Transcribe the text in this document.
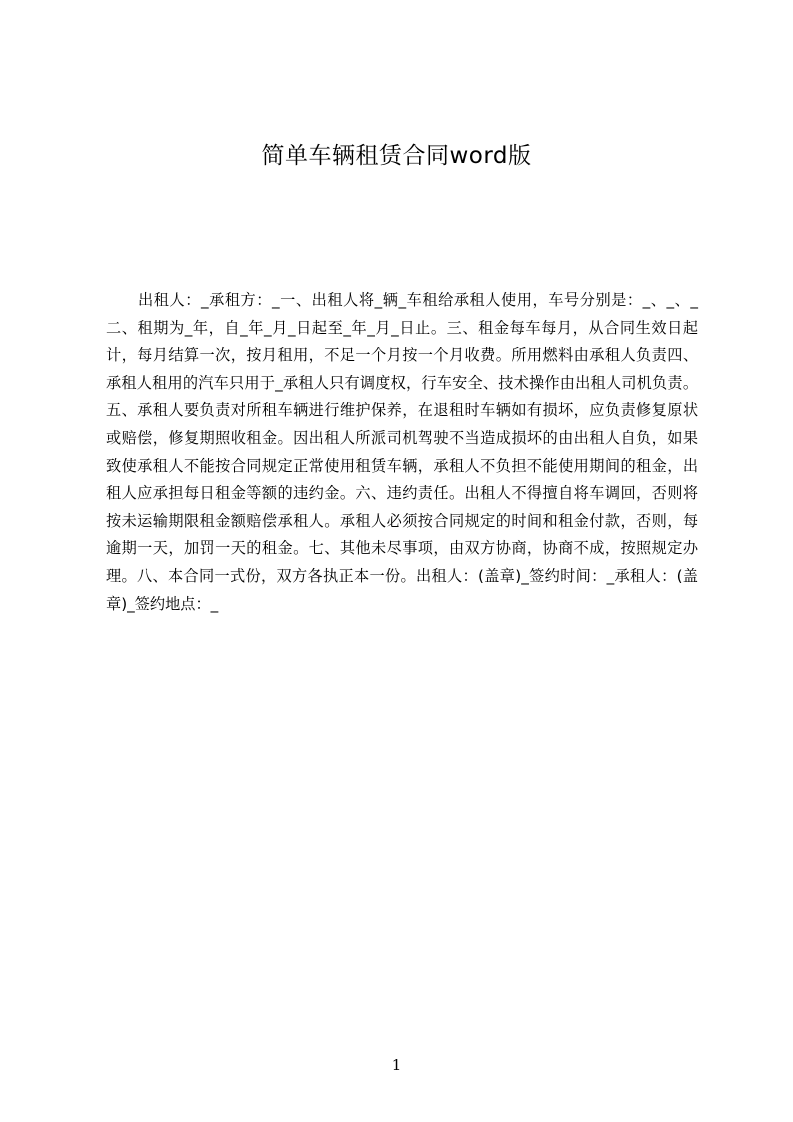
简单车辆租赁合同word版

出租人：_承租方：_一、出租人将_辆_车租给承租人使用，车号分别是：_、_、_二、租期为_年，自_年_月_日起至_年_月_日止。三、租金每车每月，从合同生效日起计，每月结算一次，按月租用，不足一个月按一个月收费。所用燃料由承租人负责四、承租人租用的汽车只用于_承租人只有调度权，行车安全、技术操作由出租人司机负责。五、承租人要负责对所租车辆进行维护保养，在退租时车辆如有损坏，应负责修复原状或赔偿，修复期照收租金。因出租人所派司机驾驶不当造成损坏的由出租人自负，如果致使承租人不能按合同规定正常使用租赁车辆，承租人不负担不能使用期间的租金，出租人应承担每日租金等额的违约金。六、违约责任。出租人不得擅自将车调回，否则将按未运输期限租金额赔偿承租人。承租人必须按合同规定的时间和租金付款，否则，每逾期一天，加罚一天的租金。七、其他未尽事项，由双方协商，协商不成，按照规定办理。八、本合同一式份，双方各执正本一份。出租人：(盖章)_签约时间：_承租人：(盖章)_签约地点：_

1
